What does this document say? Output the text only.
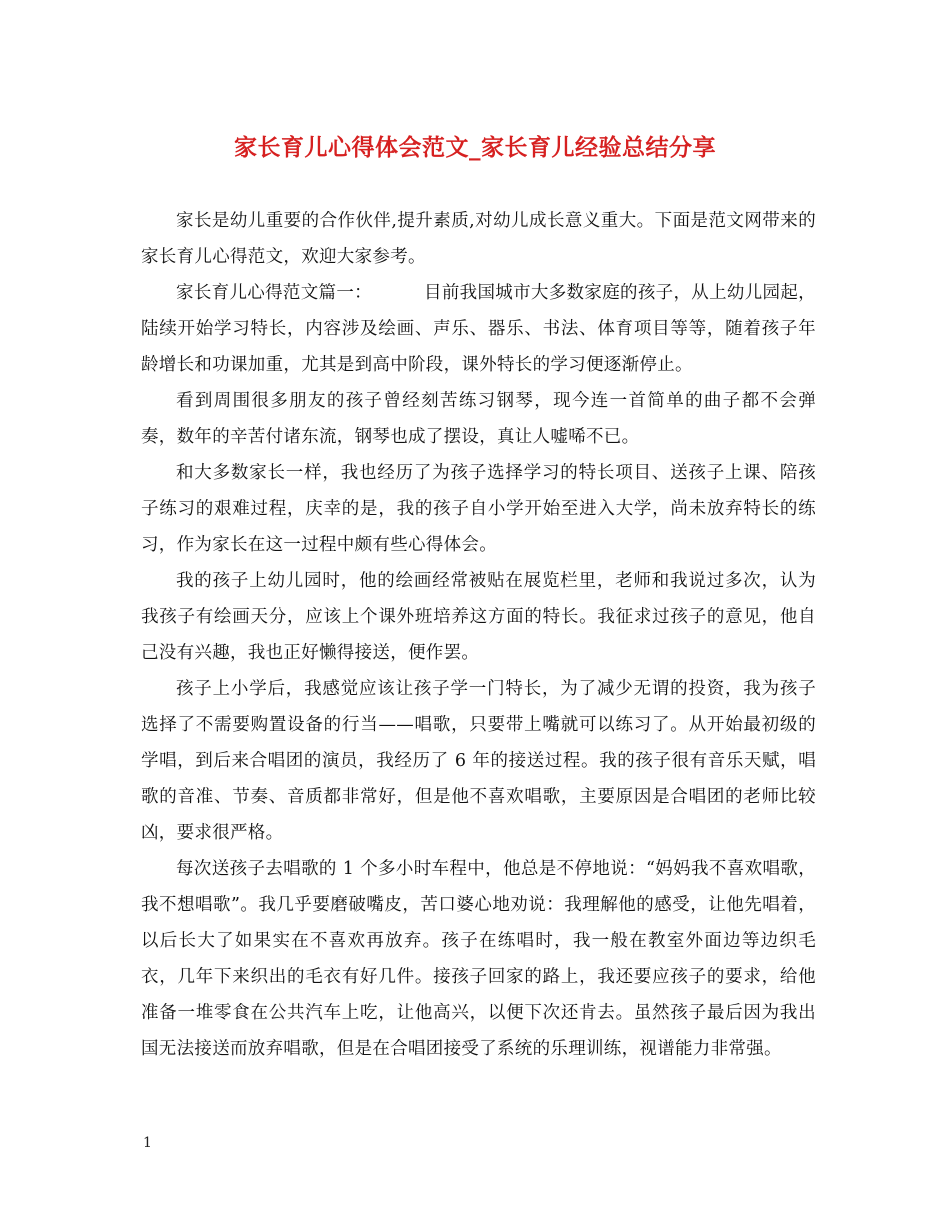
家长育儿心得体会范文_家长育儿经验总结分享

家长是幼儿重要的合作伙伴,提升素质,对幼儿成长意义重大。下面是范文网带来的家长育儿心得范文，欢迎大家参考。

家长育儿心得范文篇一：	目前我国城市大多数家庭的孩子，从上幼儿园起，陆续开始学习特长，内容涉及绘画、声乐、器乐、书法、体育项目等等，随着孩子年龄增长和功课加重，尤其是到高中阶段，课外特长的学习便逐渐停止。

看到周围很多朋友的孩子曾经刻苦练习钢琴，现今连一首简单的曲子都不会弹奏，数年的辛苦付诸东流，钢琴也成了摆设，真让人嘘唏不已。

和大多数家长一样，我也经历了为孩子选择学习的特长项目、送孩子上课、陪孩子练习的艰难过程，庆幸的是，我的孩子自小学开始至进入大学，尚未放弃特长的练习，作为家长在这一过程中颇有些心得体会。

我的孩子上幼儿园时，他的绘画经常被贴在展览栏里，老师和我说过多次，认为我孩子有绘画天分，应该上个课外班培养这方面的特长。我征求过孩子的意见，他自己没有兴趣，我也正好懒得接送，便作罢。

孩子上小学后，我感觉应该让孩子学一门特长，为了减少无谓的投资，我为孩子选择了不需要购置设备的行当——唱歌，只要带上嘴就可以练习了。从开始最初级的学唱，到后来合唱团的演员，我经历了 6 年的接送过程。我的孩子很有音乐天赋，唱歌的音准、节奏、音质都非常好，但是他不喜欢唱歌，主要原因是合唱团的老师比较凶，要求很严格。

每次送孩子去唱歌的 1 个多小时车程中，他总是不停地说：“妈妈我不喜欢唱歌，我不想唱歌”。我几乎要磨破嘴皮，苦口婆心地劝说：我理解他的感受，让他先唱着，以后长大了如果实在不喜欢再放弃。孩子在练唱时，我一般在教室外面边等边织毛衣，几年下来织出的毛衣有好几件。接孩子回家的路上，我还要应孩子的要求，给他准备一堆零食在公共汽车上吃，让他高兴，以便下次还肯去。虽然孩子最后因为我出国无法接送而放弃唱歌，但是在合唱团接受了系统的乐理训练，视谱能力非常强。

1
